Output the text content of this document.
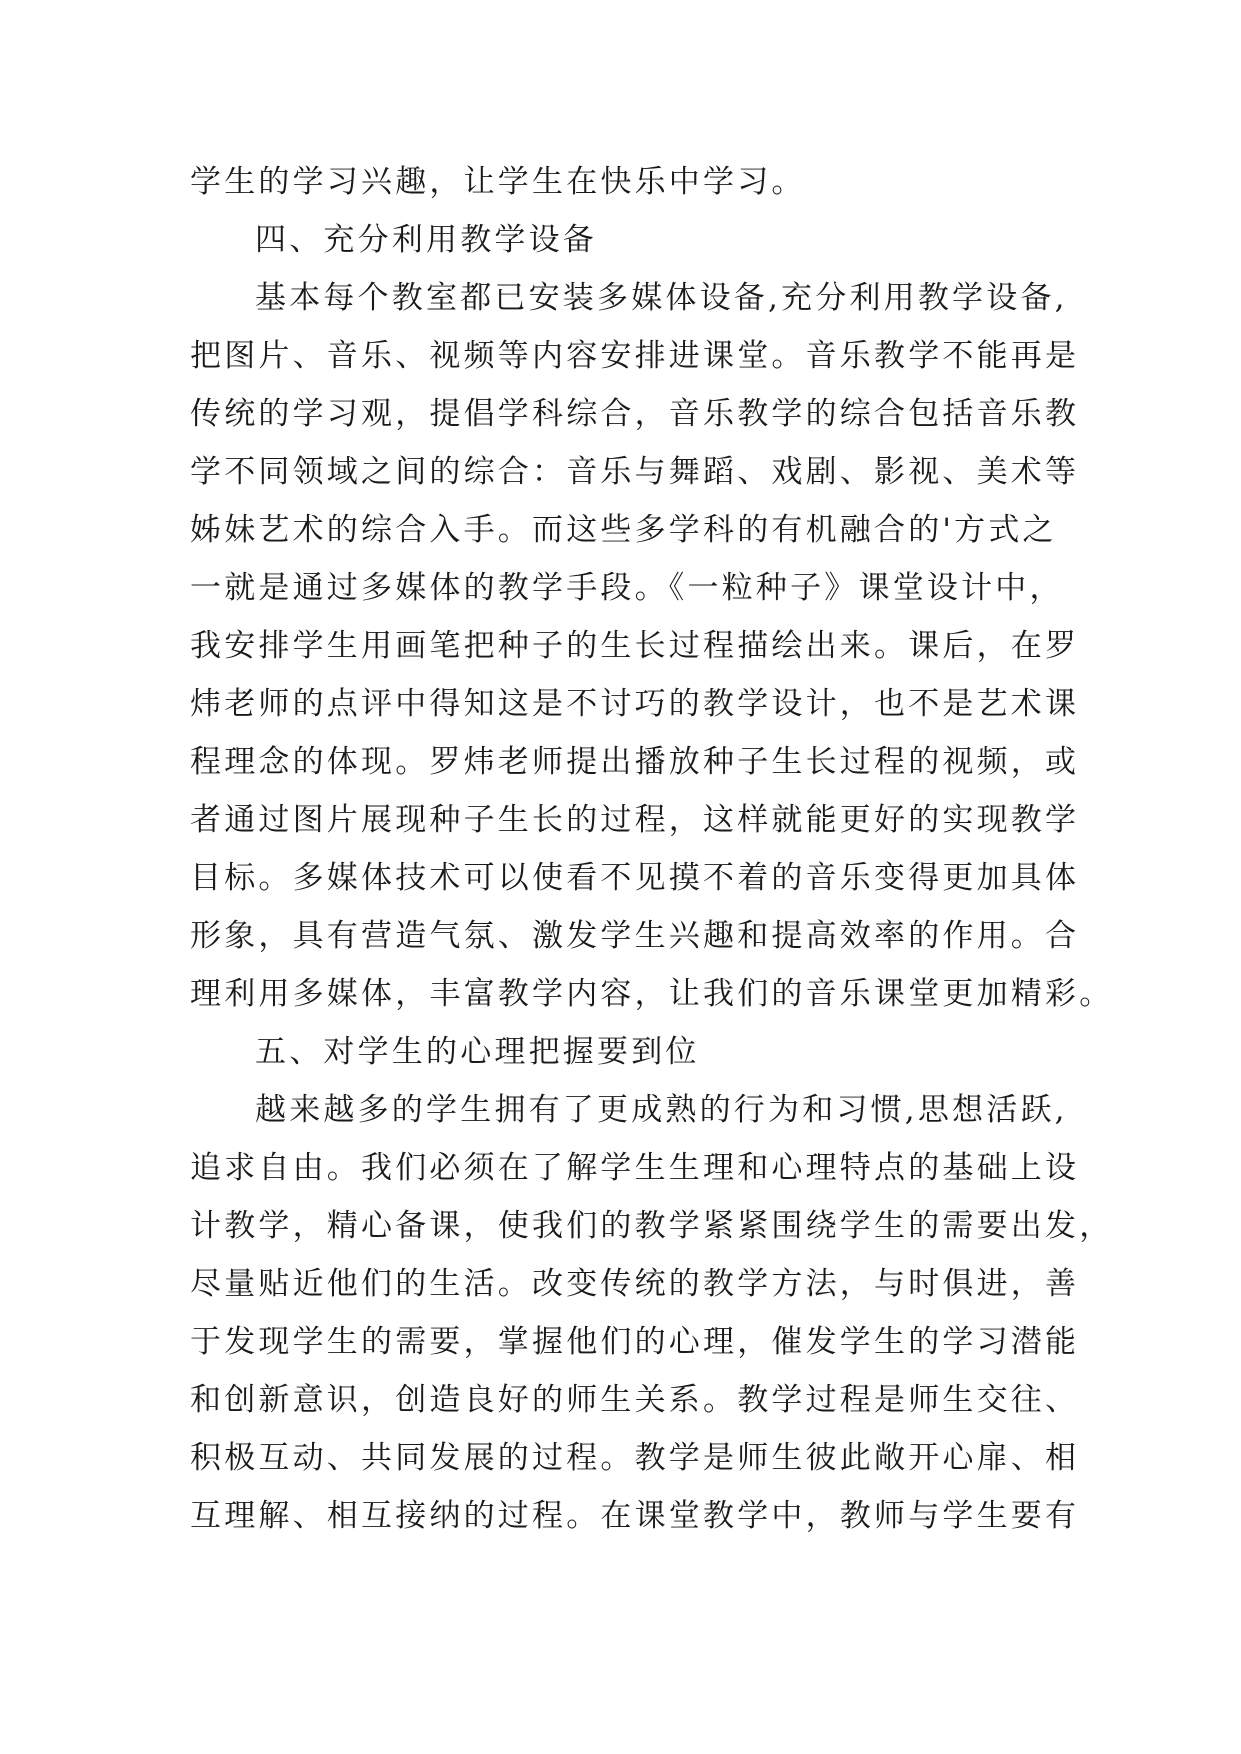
学生的学习兴趣，让学生在快乐中学习。
四、充分利用教学设备
基本每个教室都已安装多媒体设备,充分利用教学设备,
把图片、音乐、视频等内容安排进课堂。音乐教学不能再是
传统的学习观，提倡学科综合，音乐教学的综合包括音乐教
学不同领域之间的综合：音乐与舞蹈、戏剧、影视、美术等
姊妹艺术的综合入手。而这些多学科的有机融合的'方式之
一就是通过多媒体的教学手段。《一粒种子》课堂设计中，
我安排学生用画笔把种子的生长过程描绘出来。课后，在罗
炜老师的点评中得知这是不讨巧的教学设计，也不是艺术课
程理念的体现。罗炜老师提出播放种子生长过程的视频，或
者通过图片展现种子生长的过程，这样就能更好的实现教学
目标。多媒体技术可以使看不见摸不着的音乐变得更加具体
形象，具有营造气氛、激发学生兴趣和提高效率的作用。合
理利用多媒体，丰富教学内容，让我们的音乐课堂更加精彩。
五、对学生的心理把握要到位
越来越多的学生拥有了更成熟的行为和习惯,思想活跃,
追求自由。我们必须在了解学生生理和心理特点的基础上设
计教学，精心备课，使我们的教学紧紧围绕学生的需要出发，
尽量贴近他们的生活。改变传统的教学方法，与时俱进，善
于发现学生的需要，掌握他们的心理，催发学生的学习潜能
和创新意识，创造良好的师生关系。教学过程是师生交往、
积极互动、共同发展的过程。教学是师生彼此敞开心扉、相
互理解、相互接纳的过程。在课堂教学中，教师与学生要有
